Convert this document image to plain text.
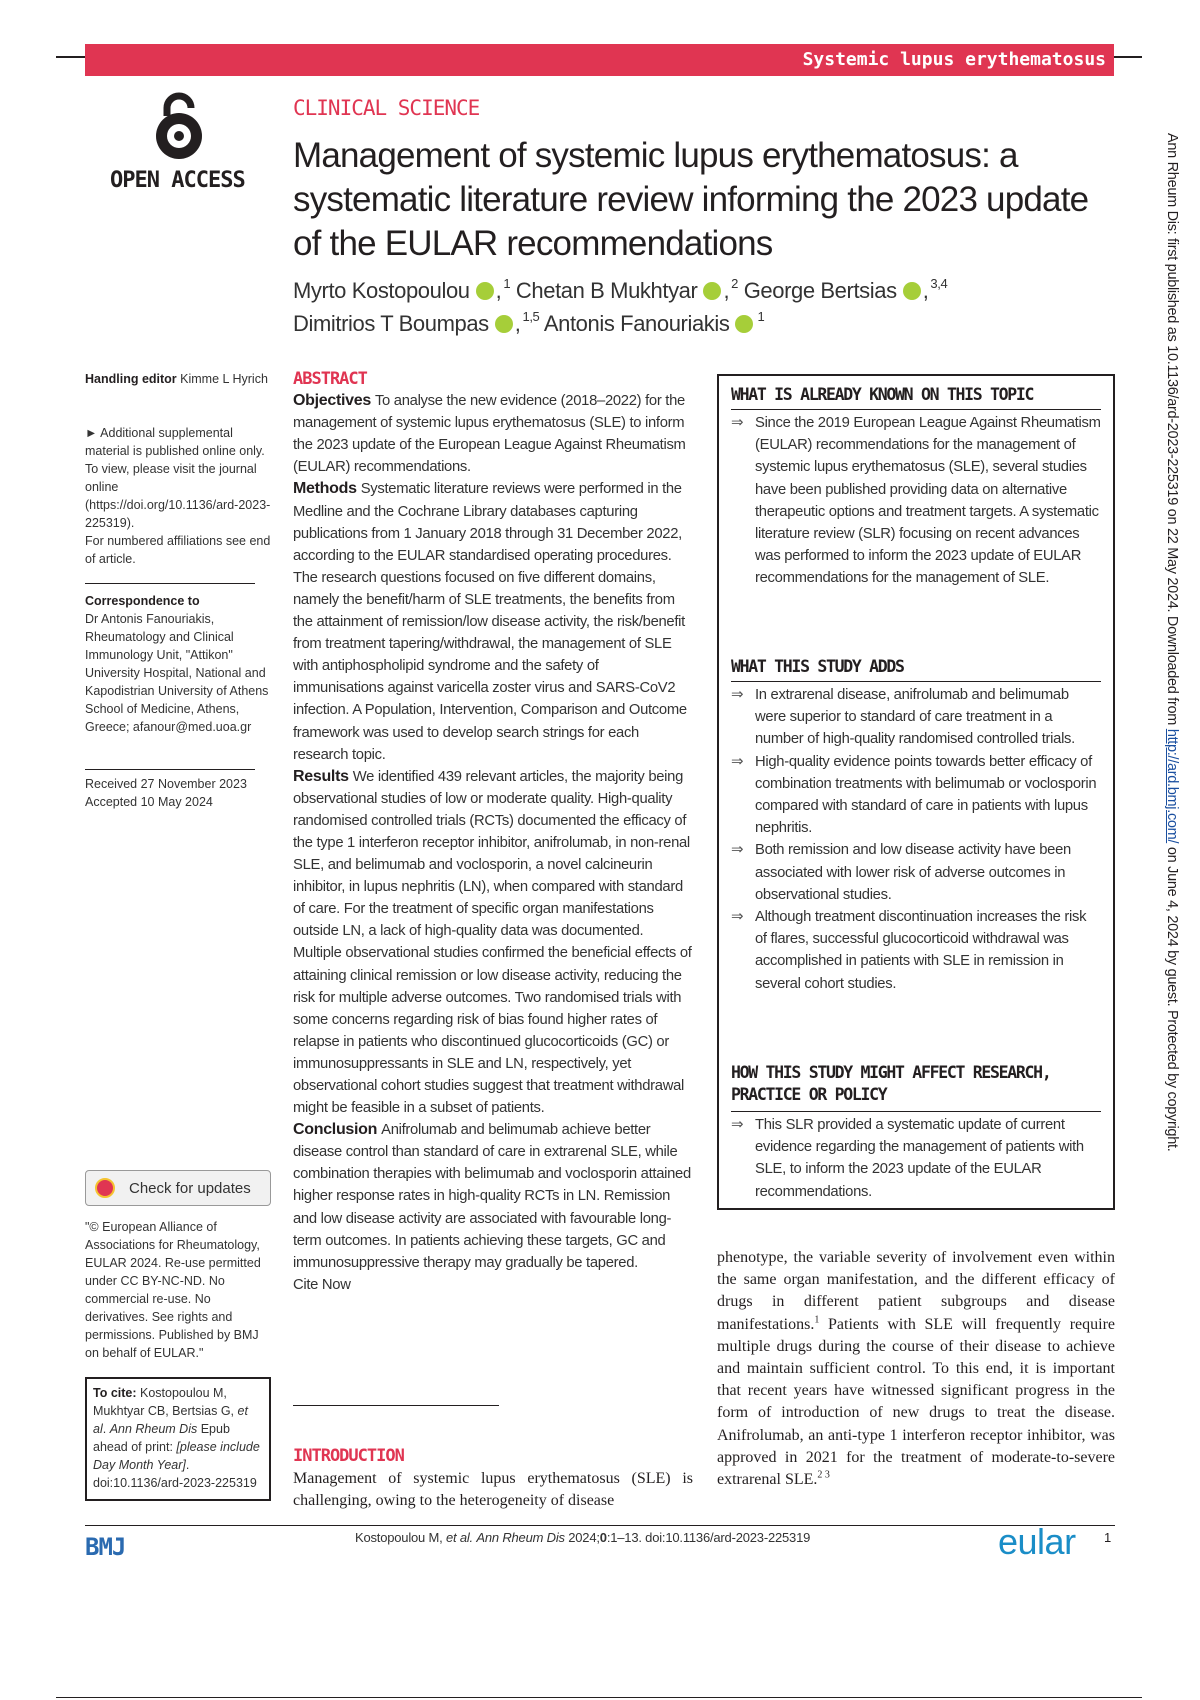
Systemic lupus erythematosus
OPEN ACCESS
CLINICAL SCIENCE
Management of systemic lupus erythematosus: a systematic literature review informing the 2023 update of the EULAR recommendations
Myrto Kostopoulou , $^1$ Chetan B Mukhtyar , $^2$ George Bertsias , $^{3,4}$
Dimitrios T Boumpas , $^{1,5}$ Antonis Fanouriakis $^1$
Handling editor Kimme L Hyrich
► Additional supplemental material is published online only. To view, please visit the journal online (https://doi.org/10.1136/ard-2023-225319).
For numbered affiliations see end of article.
Correspondence to
Dr Antonis Fanouriakis, Rheumatology and Clinical Immunology Unit, "Attikon" University Hospital, National and Kapodistrian University of Athens School of Medicine, Athens, Greece; afanour@med.uoa.gr
Received 27 November 2023
Accepted 10 May 2024
Check for updates
"© European Alliance of Associations for Rheumatology, EULAR 2024. Re-use permitted under CC BY-NC-ND. No commercial re-use. No derivatives. See rights and permissions. Published by BMJ on behalf of EULAR."
To cite: Kostopoulou M, Mukhtyar CB, Bertsias G, et al. Ann Rheum Dis Epub ahead of print: [please include Day Month Year]. doi:10.1136/ard-2023-225319
ABSTRACT
Objectives To analyse the new evidence (2018–2022) for the management of systemic lupus erythematosus (SLE) to inform the 2023 update of the European League Against Rheumatism (EULAR) recommendations.
Methods Systematic literature reviews were performed in the Medline and the Cochrane Library databases capturing publications from 1 January 2018 through 31 December 2022, according to the EULAR standardised operating procedures. The research questions focused on five different domains, namely the benefit/harm of SLE treatments, the benefits from the attainment of remission/low disease activity, the risk/benefit from treatment tapering/withdrawal, the management of SLE with antiphospholipid syndrome and the safety of immunisations against varicella zoster virus and SARS-CoV2 infection. A Population, Intervention, Comparison and Outcome framework was used to develop search strings for each research topic.
Results We identified 439 relevant articles, the majority being observational studies of low or moderate quality. High-quality randomised controlled trials (RCTs) documented the efficacy of the type 1 interferon receptor inhibitor, anifrolumab, in non-renal SLE, and belimumab and voclosporin, a novel calcineurin inhibitor, in lupus nephritis (LN), when compared with standard of care. For the treatment of specific organ manifestations outside LN, a lack of high-quality data was documented. Multiple observational studies confirmed the beneficial effects of attaining clinical remission or low disease activity, reducing the risk for multiple adverse outcomes. Two randomised trials with some concerns regarding risk of bias found higher rates of relapse in patients who discontinued glucocorticoids (GC) or immunosuppressants in SLE and LN, respectively, yet observational cohort studies suggest that treatment withdrawal might be feasible in a subset of patients.
Conclusion Anifrolumab and belimumab achieve better disease control than standard of care in extrarenal SLE, while combination therapies with belimumab and voclosporin attained higher response rates in high-quality RCTs in LN. Remission and low disease activity are associated with favourable long-term outcomes. In patients achieving these targets, GC and immunosuppressive therapy may gradually be tapered.
Cite Now
INTRODUCTION
Management of systemic lupus erythematosus (SLE) is challenging, owing to the heterogeneity of disease
WHAT IS ALREADY KNOWN ON THIS TOPIC
⇒ Since the 2019 European League Against Rheumatism (EULAR) recommendations for the management of systemic lupus erythematosus (SLE), several studies have been published providing data on alternative therapeutic options and treatment targets. A systematic literature review (SLR) focusing on recent advances was performed to inform the 2023 update of EULAR recommendations for the management of SLE.
WHAT THIS STUDY ADDS
⇒ In extrarenal disease, anifrolumab and belimumab were superior to standard of care treatment in a number of high-quality randomised controlled trials.
⇒ High-quality evidence points towards better efficacy of combination treatments with belimumab or voclosporin compared with standard of care in patients with lupus nephritis.
⇒ Both remission and low disease activity have been associated with lower risk of adverse outcomes in observational studies.
⇒ Although treatment discontinuation increases the risk of flares, successful glucocorticoid withdrawal was accomplished in patients with SLE in remission in several cohort studies.
HOW THIS STUDY MIGHT AFFECT RESEARCH, PRACTICE OR POLICY
⇒ This SLR provided a systematic update of current evidence regarding the management of patients with SLE, to inform the 2023 update of the EULAR recommendations.
phenotype, the variable severity of involvement even within the same organ manifestation, and the different efficacy of drugs in different patient subgroups and disease manifestations.$^1$ Patients with SLE will frequently require multiple drugs during the course of their disease to achieve and maintain sufficient control. To this end, it is important that recent years have witnessed significant progress in the form of introduction of new drugs to treat the disease. Anifrolumab, an anti-type 1 interferon receptor inhibitor, was approved in 2021 for the treatment of moderate-to-severe extrarenal SLE.$^{2 3}$
Ann Rheum Dis: first published as 10.1136/ard-2023-225319 on 22 May 2024. Downloaded from http://ard.bmj.com/ on June 4, 2024 by guest. Protected by copyright.
BMJ	Kostopoulou M, et al. Ann Rheum Dis 2024;0:1–13. doi:10.1136/ard-2023-225319	eular 1
